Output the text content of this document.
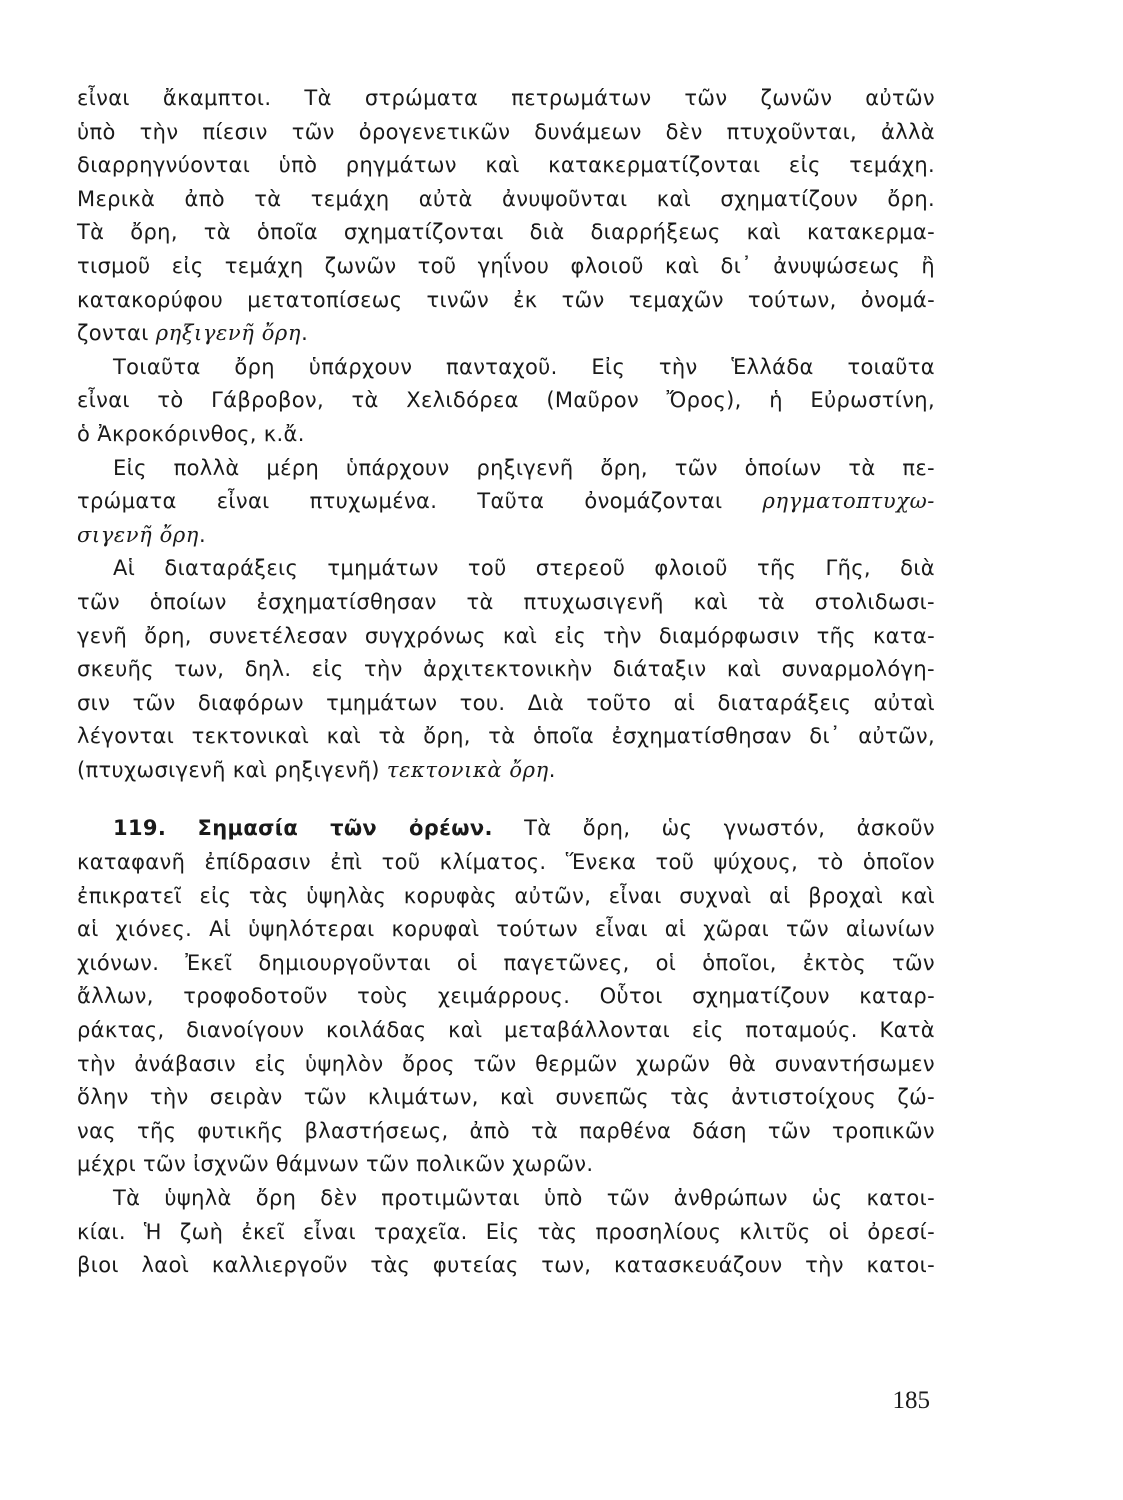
εἶναι ἄκαμπτοι. Τὰ στρώματα πετρωμάτων τῶν ζωνῶν αὐτῶν

ὑπὸ τὴν πίεσιν τῶν ὀρογενετικῶν δυνάμεων δὲν πτυχοῦνται, ἀλλὰ

διαρρηγνύονται ὑπὸ ρηγμάτων καὶ κατακερματίζονται εἰς τεμάχη.

Μερικὰ ἀπὸ τὰ τεμάχη αὐτὰ ἀνυψοῦνται καὶ σχηματίζουν ὄρη.

Τὰ ὄρη, τὰ ὁποῖα σχηματίζονται διὰ διαρρήξεως καὶ κατακερμα-

τισμοῦ εἰς τεμάχη ζωνῶν τοῦ γηΐνου φλοιοῦ καὶ δι᾽ ἀνυψώσεως ἢ

κατακορύφου μετατοπίσεως τινῶν ἐκ τῶν τεμαχῶν τούτων, ὀνομά-

ζονται ρηξιγενῆ ὄρη.

Τοιαῦτα ὄρη ὑπάρχουν πανταχοῦ. Εἰς τὴν Ἑλλάδα τοιαῦτα

εἶναι τὸ Γάβροβον, τὰ Χελιδόρεα (Μαῦρον Ὄρος), ἡ Εὐρωστίνη,

ὁ Ἀκροκόρινθος, κ.ἄ.

Εἰς πολλὰ μέρη ὑπάρχουν ρηξιγενῆ ὄρη, τῶν ὁποίων τὰ πε-

τρώματα εἶναι πτυχωμένα. Ταῦτα ὀνομάζονται ρηγματοπτυχω-

σιγενῆ ὄρη.

Αἱ διαταράξεις τμημάτων τοῦ στερεοῦ φλοιοῦ τῆς Γῆς, διὰ

τῶν ὁποίων ἐσχηματίσθησαν τὰ πτυχωσιγενῆ καὶ τὰ στολιδωσι-

γενῆ ὄρη, συνετέλεσαν συγχρόνως καὶ εἰς τὴν διαμόρφωσιν τῆς κατα-

σκευῆς των, δηλ. εἰς τὴν ἀρχιτεκτονικὴν διάταξιν καὶ συναρμολόγη-

σιν τῶν διαφόρων τμημάτων του. Διὰ τοῦτο αἱ διαταράξεις αὐταὶ

λέγονται τεκτονικαὶ καὶ τὰ ὄρη, τὰ ὁποῖα ἐσχηματίσθησαν δι᾽ αὐτῶν,

(πτυχωσιγενῆ καὶ ρηξιγενῆ) τεκτονικὰ ὄρη.

119. Σημασία τῶν ὀρέων. Τὰ ὄρη, ὡς γνωστόν, ἀσκοῦν

καταφανῆ ἐπίδρασιν ἐπὶ τοῦ κλίματος. Ἕνεκα τοῦ ψύχους, τὸ ὁποῖον

ἐπικρατεῖ εἰς τὰς ὑψηλὰς κορυφὰς αὐτῶν, εἶναι συχναὶ αἱ βροχαὶ καὶ

αἱ χιόνες. Αἱ ὑψηλότεραι κορυφαὶ τούτων εἶναι αἱ χῶραι τῶν αἰωνίων

χιόνων. Ἐκεῖ δημιουργοῦνται οἱ παγετῶνες, οἱ ὁποῖοι, ἐκτὸς τῶν

ἄλλων, τροφοδοτοῦν τοὺς χειμάρρους. Οὗτοι σχηματίζουν καταρ-

ράκτας, διανοίγουν κοιλάδας καὶ μεταβάλλονται εἰς ποταμούς. Κατὰ

τὴν ἀνάβασιν εἰς ὑψηλὸν ὄρος τῶν θερμῶν χωρῶν θὰ συναντήσωμεν

ὅλην τὴν σειρὰν τῶν κλιμάτων, καὶ συνεπῶς τὰς ἀντιστοίχους ζώ-

νας τῆς φυτικῆς βλαστήσεως, ἀπὸ τὰ παρθένα δάση τῶν τροπικῶν

μέχρι τῶν ἰσχνῶν θάμνων τῶν πολικῶν χωρῶν.

Τὰ ὑψηλὰ ὄρη δὲν προτιμῶνται ὑπὸ τῶν ἀνθρώπων ὡς κατοι-

κίαι. Ἡ ζωὴ ἐκεῖ εἶναι τραχεῖα. Εἰς τὰς προσηλίους κλιτῦς οἱ ὀρεσί-

βιοι λαοὶ καλλιεργοῦν τὰς φυτείας των, κατασκευάζουν τὴν κατοι-

185
